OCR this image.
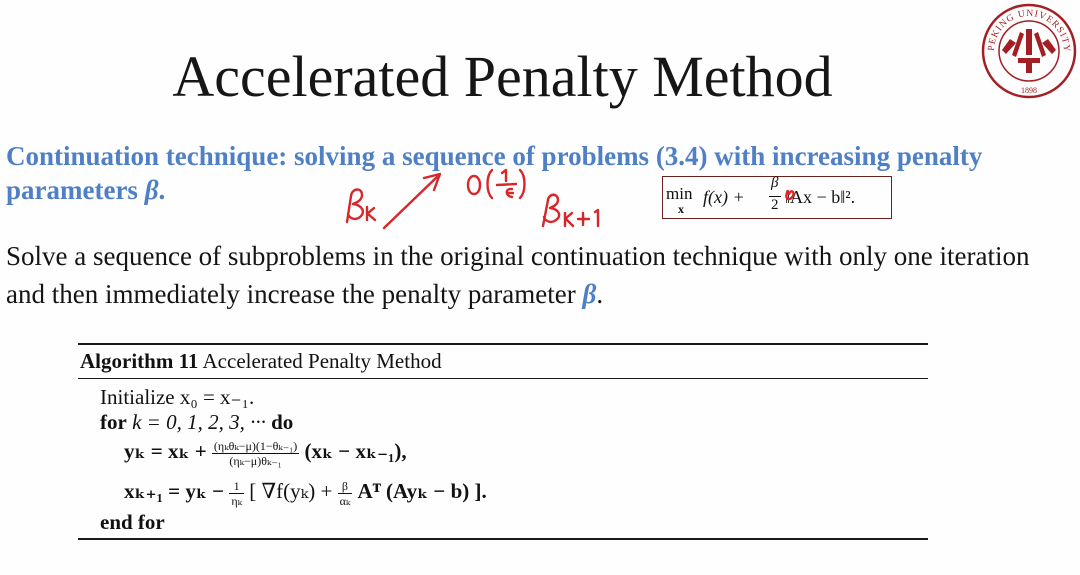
Accelerated Penalty Method	PEKING UNIVERSITY
1898
Continuation technique: solving a sequence of problems (3.4) with increasing penalty parameters β.	min
x
f(x) +
β
2 ‖Ax − b‖².
Solve a sequence of subproblems in the original continuation technique with only one iteration and then immediately increase the penalty parameter β.
Algorithm 11 Accelerated Penalty Method
Initialize x₀ = x₋₁.
for k = 0, 1, 2, 3, ··· do
$y_k = x_k + \frac{\text{(ηₖθₖ−μ)(1−θₖ₋₁)}}{\text{(ηₖ−μ)θₖ₋₁}} (x_k - x_{k-1})$,
$x_{k+1} = y_k - \frac{1}{\text{ηₖ}}$ [ $\nabla f(y_k) + \frac{\beta}{\text{αₖ}}$ Aᵀ (Ayₖ − b) ].
end for
